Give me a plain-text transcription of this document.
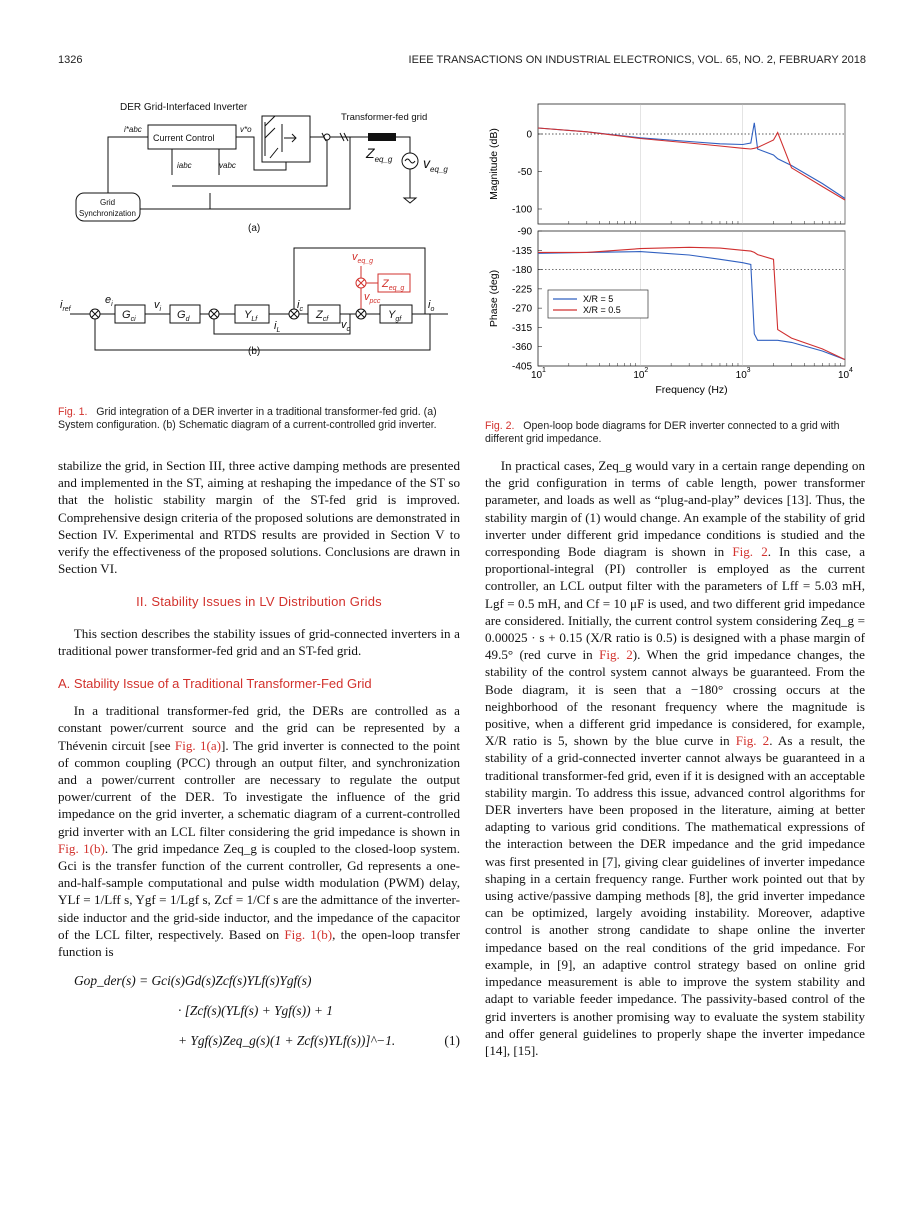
1326	IEEE TRANSACTIONS ON INDUSTRIAL ELECTRONICS, VOL. 65, NO. 2, FEBRUARY 2018
DER Grid-Interfaced Inverter
Transformer-fed grid
(a)
(b)
Current Control
Grid
Synchronization
i*abc	v*o
iabc	vabc
$Z_{eq\_g}$ $v_{eq\_g}$
$G_{ci}$	$G_d$	$Y_{Lf}$	$Z_{cf}$	$Y_{gf}$
$i_{ref}$
$e_i$	$v_i$	$i_c$
$i_L$	$v_c$
$i_o$
$v_{pcc}$
$v_{eq\_g}$
$Z_{eq\_g}$
Fig. 1. Grid integration of a DER inverter in a traditional transformer-fed grid. (a) System configuration. (b) Schematic diagram of a current-controlled grid inverter.
0
-50
-100
-90
-135
-180
-225
-270
-315
-360
-405
10 1	10 2	10 3	10 4
Frequency (Hz)
Magnitude (dB)
Phase (deg)	X/R = 5
X/R = 0.5
Fig. 2. Open-loop bode diagrams for DER inverter connected to a grid with different grid impedance.

stabilize the grid, in Section III, three active damping methods are presented and implemented in the ST, aiming at reshaping the impedance of the ST so that the holistic stability margin of the ST-fed grid is improved. Comprehensive design criteria of the proposed solutions are demonstrated in Section IV. Experimental and RTDS results are provided in Section V to verify the effectiveness of the proposed solutions. Conclusions are drawn in Section VI.

II. Stability Issues in LV Distribution Grids

This section describes the stability issues of grid-connected inverters in a traditional power transformer-fed grid and an ST-fed grid.

A. Stability Issue of a Traditional Transformer-Fed Grid

In a traditional transformer-fed grid, the DERs are controlled as a constant power/current source and the grid can be represented by a Thévenin circuit [see Fig. 1(a)]. The grid inverter is connected to the point of common coupling (PCC) through an output filter, and synchronization and a power/current controller are necessary to regulate the output power/current of the DER. To investigate the influence of the grid impedance on the grid inverter, a schematic diagram of a current-controlled grid inverter with an LCL filter considering the grid impedance is shown in Fig. 1(b). The grid impedance Zeq_g is coupled to the closed-loop system. Gci is the transfer function of the current controller, Gd represents a one-and-half-sample computational and pulse width modulation (PWM) delay, YLf = 1/Lff s, Ygf = 1/Lgf s, Zcf = 1/Cf s are the admittance of the inverter-side inductor and the grid-side inductor, and the impedance of the capacitor of the LCL filter, respectively. Based on Fig. 1(b), the open-loop transfer function is

Gop_der(s) = Gci(s)Gd(s)Zcf(s)YLf(s)Ygf(s)
· [Zcf(s)(YLf(s) + Ygf(s)) + 1
+ Ygf(s)Zeq_g(s)(1 + Zcf(s)YLf(s))]^−1.	(1)

In practical cases, Zeq_g would vary in a certain range depending on the grid configuration in terms of cable length, power transformer parameter, and loads as well as “plug-and-play” devices [13]. Thus, the stability margin of (1) would change. An example of the stability of grid inverter under different grid impedance conditions is studied and the corresponding Bode diagram is shown in Fig. 2. In this case, a proportional-integral (PI) controller is employed as the current controller, an LCL output filter with the parameters of Lff = 5.03 mH, Lgf = 0.5 mH, and Cf = 10 μF is used, and two different grid impedance are considered. Initially, the current control system considering Zeq_g = 0.00025 · s + 0.15 (X/R ratio is 0.5) is designed with a phase margin of 49.5° (red curve in Fig. 2). When the grid impedance changes, the stability of the control system cannot always be guaranteed. From the Bode diagram, it is seen that a −180° crossing occurs at the neighborhood of the resonant frequency where the magnitude is positive, when a different grid impedance is considered, for example, X/R ratio is 5, shown by the blue curve in Fig. 2. As a result, the stability of a grid-connected inverter cannot always be guaranteed in a traditional transformer-fed grid, even if it is designed with an acceptable stability margin. To address this issue, advanced control algorithms for DER inverters have been proposed in the literature, aiming at better adapting to various grid conditions. The mathematical expressions of the interaction between the DER impedance and the grid impedance was first presented in [7], giving clear guidelines of inverter impedance shaping in a certain frequency range. Further work pointed out that by using active/passive damping methods [8], the grid inverter impedance can be optimized, largely avoiding instability. Moreover, adaptive control is another strong candidate to shape online the inverter impedance based on the real conditions of the grid impedance. For example, in [9], an adaptive control strategy based on online grid impedance measurement is able to improve the system stability and adapt to variable feeder impedance. The passivity-based control of the grid inverters is another promising way to evaluate the system stability and offer general guidelines to properly shape the inverter impedance [14], [15].
